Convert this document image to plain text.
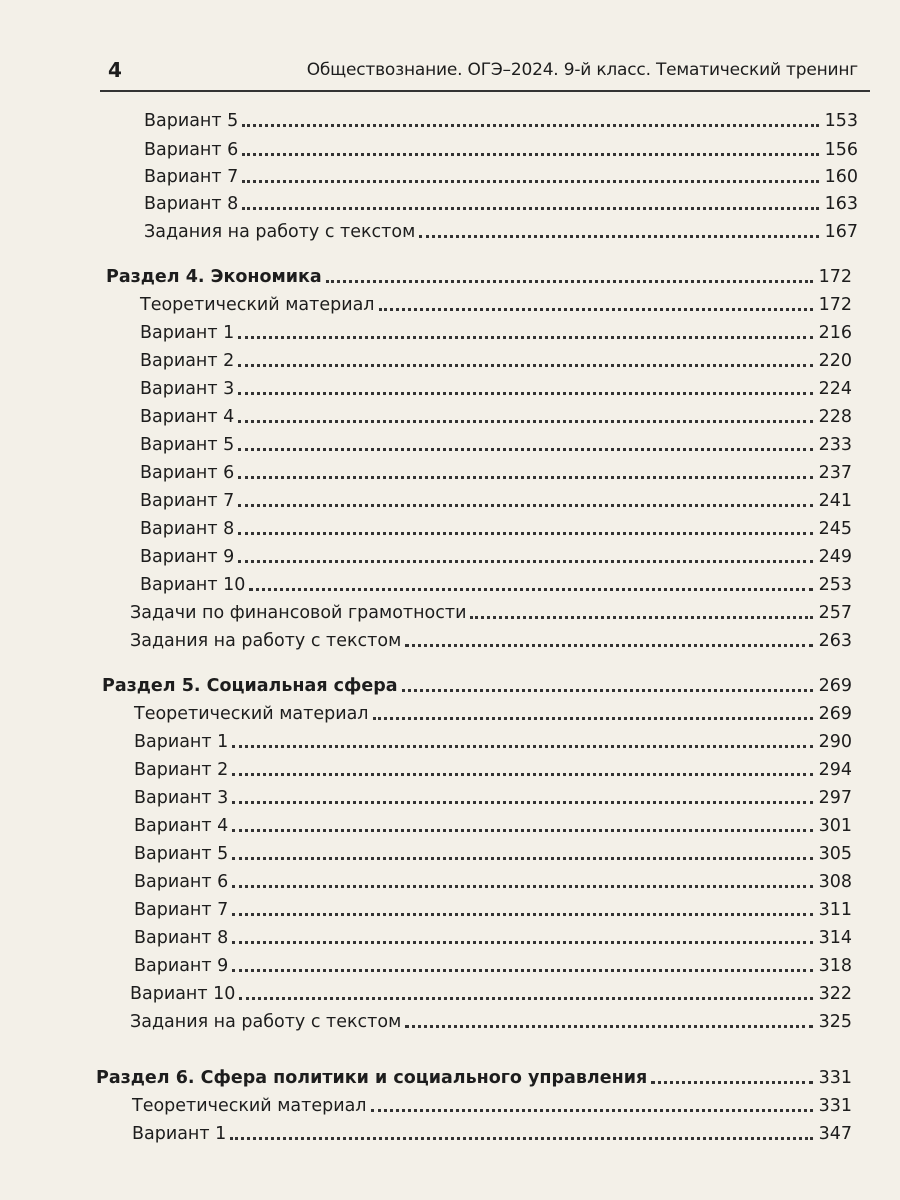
4	Обществознание. ОГЭ–2024. 9-й класс. Тематический тренинг
Вариант 5	153
Вариант 6	156
Вариант 7	160
Вариант 8	163
Задания на работу с текстом	167
Раздел 4. Экономика	172
Теоретический материал	172
Вариант 1	216
Вариант 2	220
Вариант 3	224
Вариант 4	228
Вариант 5	233
Вариант 6	237
Вариант 7	241
Вариант 8	245
Вариант 9	249
Вариант 10	253
Задачи по финансовой грамотности	257
Задания на работу с текстом	263
Раздел 5. Социальная сфера	269
Теоретический материал	269
Вариант 1	290
Вариант 2	294
Вариант 3	297
Вариант 4	301
Вариант 5	305
Вариант 6	308
Вариант 7	311
Вариант 8	314
Вариант 9	318
Вариант 10	322
Задания на работу с текстом	325
Раздел 6. Сфера политики и социального управления	331
Теоретический материал	331
Вариант 1	347
